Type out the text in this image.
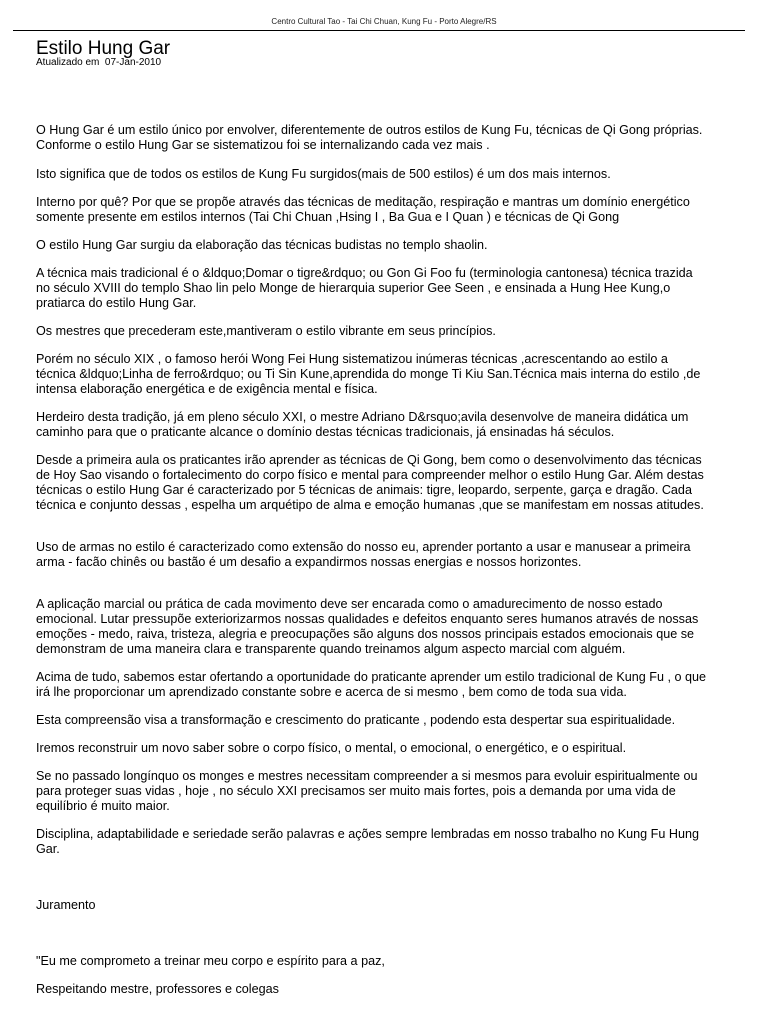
Centro Cultural Tao - Tai Chi Chuan, Kung Fu - Porto Alegre/RS
Estilo Hung Gar
Atualizado em  07-Jan-2010

O Hung Gar é um estilo único por envolver, diferentemente de outros estilos de Kung Fu, técnicas de Qi Gong próprias.
Conforme o estilo Hung Gar se sistematizou foi se internalizando cada vez mais .

Isto significa que de todos os estilos de Kung Fu surgidos(mais de 500 estilos) é um dos mais internos.

Interno por quê? Por que se propõe através das técnicas de meditação, respiração e mantras um domínio energético
somente presente em estilos internos (Tai Chi Chuan ,Hsing I , Ba Gua e I Quan ) e técnicas de Qi Gong

O estilo Hung Gar surgiu da elaboração das técnicas budistas no templo shaolin.

A técnica mais tradicional é o &ldquo;Domar o tigre&rdquo; ou Gon Gi Foo fu (terminologia cantonesa) técnica trazida
no século XVIII do templo Shao lin pelo Monge de hierarquia superior Gee Seen , e ensinada a Hung Hee Kung,o
pratiarca do estilo Hung Gar.

Os mestres que precederam este,mantiveram o estilo vibrante em seus princípios.

Porém no século XIX , o famoso herói Wong Fei Hung sistematizou inúmeras técnicas ,acrescentando ao estilo a
técnica &ldquo;Linha de ferro&rdquo; ou Ti Sin Kune,aprendida do monge Ti Kiu San.Técnica mais interna do estilo ,de
intensa elaboração energética e de exigência mental e física.

Herdeiro desta tradição, já em pleno século XXI, o mestre Adriano D&rsquo;avila desenvolve de maneira didática um
caminho para que o praticante alcance o domínio destas técnicas tradicionais, já ensinadas há séculos.

Desde a primeira aula os praticantes irão aprender as técnicas de Qi Gong, bem como o desenvolvimento das técnicas
de Hoy Sao visando o fortalecimento do corpo físico e mental para compreender melhor o estilo Hung Gar. Além destas
técnicas o estilo Hung Gar é caracterizado por 5 técnicas de animais: tigre, leopardo, serpente, garça e dragão. Cada
técnica e conjunto dessas , espelha um arquétipo de alma e emoção humanas ,que se manifestam em nossas atitudes.

Uso de armas no estilo é caracterizado como extensão do nosso eu, aprender portanto a usar e manusear a primeira
arma - facão chinês ou bastão é um desafio a expandirmos nossas energias e nossos horizontes.

A aplicação marcial ou prática de cada movimento deve ser encarada como o amadurecimento de nosso estado
emocional. Lutar pressupõe exteriorizarmos nossas qualidades e defeitos enquanto seres humanos através de nossas
emoções - medo, raiva, tristeza, alegria e preocupações são alguns dos nossos principais estados emocionais que se
demonstram de uma maneira clara e transparente quando treinamos algum aspecto marcial com alguém.

Acima de tudo, sabemos estar ofertando a oportunidade do praticante aprender um estilo tradicional de Kung Fu , o que
irá lhe proporcionar um aprendizado constante sobre e acerca de si mesmo , bem como de toda sua vida.

Esta compreensão visa a transformação e crescimento do praticante , podendo esta despertar sua espiritualidade.

Iremos reconstruir um novo saber sobre o corpo físico, o mental, o emocional, o energético, e o espiritual.

Se no passado longínquo os monges e mestres necessitam compreender a si mesmos para evoluir espiritualmente ou
para proteger suas vidas , hoje , no século XXI precisamos ser muito mais fortes, pois a demanda por uma vida de
equilíbrio é muito maior.

Disciplina, adaptabilidade e seriedade serão palavras e ações sempre lembradas em nosso trabalho no Kung Fu Hung
Gar.

Juramento

"Eu me comprometo a treinar meu corpo e espírito para a paz,

Respeitando mestre, professores e colegas
